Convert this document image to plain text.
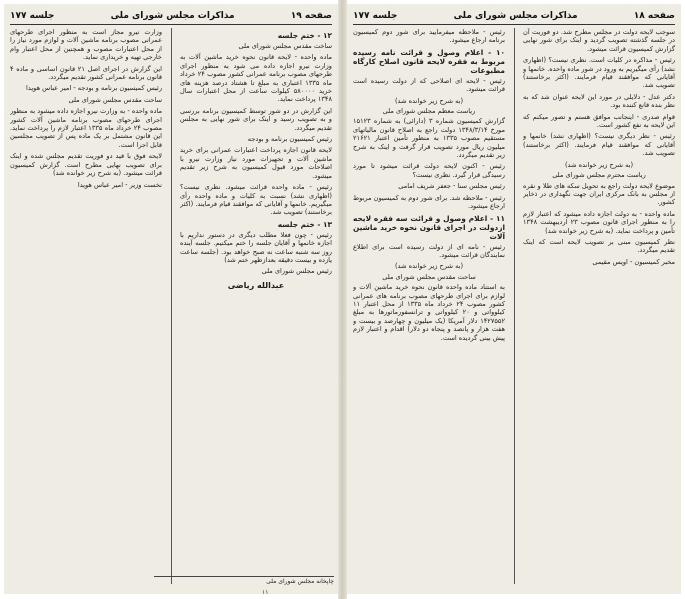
صفحه ۱۹
مذاکرات مجلس شورای ملی
جلسه ۱۷۷
۱۲ - ختم جلسه

ساخت مقدس مجلس شورای ملی

ماده واحده - لایحه قانون نحوه خرید ماشین آلات به وزارت نیرو اجازه داده می شود به منظور اجرای طرحهای مصوب برنامه عمرانی کشور مصوب ۲۴ خرداد ماه ۱۳۳۵ اعتباری به مبلغ تا هشتاد درصد هزینه های خرید ۵۸۰۰۰۰ کیلوات ساعت از محل اعتبارات سال ۱۳۴۸ پرداخت نماید.

این گزارش در دو شور توسط کمیسیون برنامه بررسی و به تصویب رسید و اینک برای شور نهایی به مجلس تقدیم میگردد.

رئیس کمیسیون برنامه و بودجه

لایحه قانون اجازه پرداخت اعتبارات عمرانی برای خرید ماشین آلات و تجهیزات مورد نیاز وزارت نیرو با اصلاحات مورد قبول کمیسیون به شرح زیر تقدیم میشود.

رئیس - ماده واحده قرائت میشود. نظری نیست؟ (اظهاری نشد) نسبت به کلیات و ماده واحده رأی میگیریم. خانمها و آقایانی که موافقند قیام فرمایند. (اکثر برخاستند) تصویب شد.

۱۳ - ختم جلسه

رئیس - چون فعلا مطلب دیگری در دستور نداریم با اجازه خانمها و آقایان جلسه را ختم میکنیم. جلسه آینده روز سه شنبه ساعت نه صبح خواهد بود. (جلسه ساعت یازده و بیست دقیقه بعدازظهر ختم شد)

رئیس مجلس شورای ملی

عبدالله ریاضی

وزارت نیرو مجاز است به منظور اجرای طرحهای عمرانی مصوب برنامه ماشین آلات و لوازم مورد نیاز را از محل اعتبارات مصوب و همچنین از محل اعتبار وام خارجی تهیه و خریداری نماید.

این گزارش در اجرای اصل ۲۱ قانون اساسی و ماده ۴ قانون برنامه عمرانی کشور تقدیم میگردد.

رئیس کمیسیون برنامه و بودجه - امیر عباس هویدا

ساحت مقدس مجلس شورای ملی

ماده واحده - به وزارت نیرو اجازه داده میشود به منظور اجرای طرحهای مصوب برنامه ماشین آلات کشور مصوب ۲۴ خرداد ماه ۱۳۳۵ اعتبار لازم را پرداخت نماید. این قانون مشتمل بر یک ماده پس از تصویب مجلسین قابل اجرا است.

لایحه فوق با قید دو فوریت تقدیم مجلس شده و اینک برای تصویب نهایی مطرح است. گزارش کمیسیون قرائت میشود. (به شرح زیر خوانده شد)

نخست وزیر - امیر عباس هویدا

چاپخانه مجلس شورای ملی
۱۱
صفحه ۱۸
مذاکرات مجلس شورای ملی
جلسه ۱۷۷

سوجب لایحه دولت در مجلس مطرح شد. دو فوریت آن در جلسه گذشته تصویب گردید و اینک برای شور نهایی گزارش کمیسیون قرائت میشود.

رئیس - مذاکره در کلیات است. نظری نیست؟ (اظهاری نشد) رأی میگیریم به ورود در شور ماده واحده. خانمها و آقایانی که موافقند قیام فرمایند. (اکثر برخاستند) تصویب شد.

دکتر عدل - دلایلی در مورد این لایحه عنوان شد که به نظر بنده قانع کننده بود.

قوام صدری - اینجانب موافق هستم و تصور میکنم که این لایحه به نفع کشور است.

رئیس - نظر دیگری نیست؟ (اظهاری نشد) خانمها و آقایانی که موافقند قیام فرمایند. (اکثر برخاستند) تصویب شد.

(به شرح زیر خوانده شد)

ریاست محترم مجلس شورای ملی

موضوع لایحه دولت راجع به تحویل سکه های طلا و نقره از مجلس به بانک مرکزی ایران جهت نگهداری در ذخایر کشور.

ماده واحده - به دولت اجازه داده میشود که اعتبار لازم را به منظور اجرای قانون مصوب ۲۳ اردیبهشت ۱۳۴۸ تأمین و پرداخت نماید. (به شرح زیر خوانده شد)

نظر کمیسیون مبنی بر تصویب لایحه است که اینک تقدیم میگردد.

مخبر کمیسیون - اویس مقیمی

رئیس - ملاحظه میفرمایید برای شور دوم کمیسیون برنامه ارجاع میشود.

۱۰ - اعلام وصول و قرائت نامه رسیده مربوط به فقره لایحه قانون اصلاح کارگاه مطبوعات

رئیس - لایحه ای اصلاحی که از دولت رسیده است قرائت میشود.

(به شرح زیر خوانده شد)

ریاست معظم مجلس شورای ملی

گزارش کمیسیون شماره ۳ (دارائی) به شماره ۱۵۱۲۳ مورخ ۱۳۴۸/۳/۱۴ دولت راجع به اصلاح قانون مالیاتهای مستقیم مصوب ۱۳۳۵ به منظور تأمین اعتبار ۲۱۶۲۱ میلیون ریال مورد تصویب قرار گرفت و اینک به شرح زیر تقدیم میگردد.

رئیس - اکنون لایحه دولت قرائت میشود تا مورد رسیدگی قرار گیرد. نظری نیست؟

رئیس مجلس سنا - جعفر شریف امامی

رئیس - ملاحظه شد. برای شور دوم به کمیسیون مربوط ارجاع میشود.

۱۱ - اعلام وصول و قرائت سه فقره لایحه ازدولت در اجرای قانون نحوه خرید ماشین آلات

رئیس - نامه ای از دولت رسیده است برای اطلاع نمایندگان قرائت میشود.

(به شرح زیر خوانده شد)

ساحت مقدس مجلس شورای ملی

به استناد ماده واحده قانون نحوه خرید ماشین آلات و لوازم برای اجرای طرحهای مصوب برنامه های عمرانی کشور مصوب ۲۴ خرداد ماه ۱۳۳۵ از محل اعتبار ۱۱ کیلوواتی و ۲۰ کیلوواتی و ترانسفورماتورها به مبلغ ۱۴۲۷۵۵۲ دلار آمریکا (یک میلیون و چهارصد و بیست و هفت هزار و پانصد و پنجاه دو دلار) اقدام و اعتبار لازم پیش بینی گردیده است.
